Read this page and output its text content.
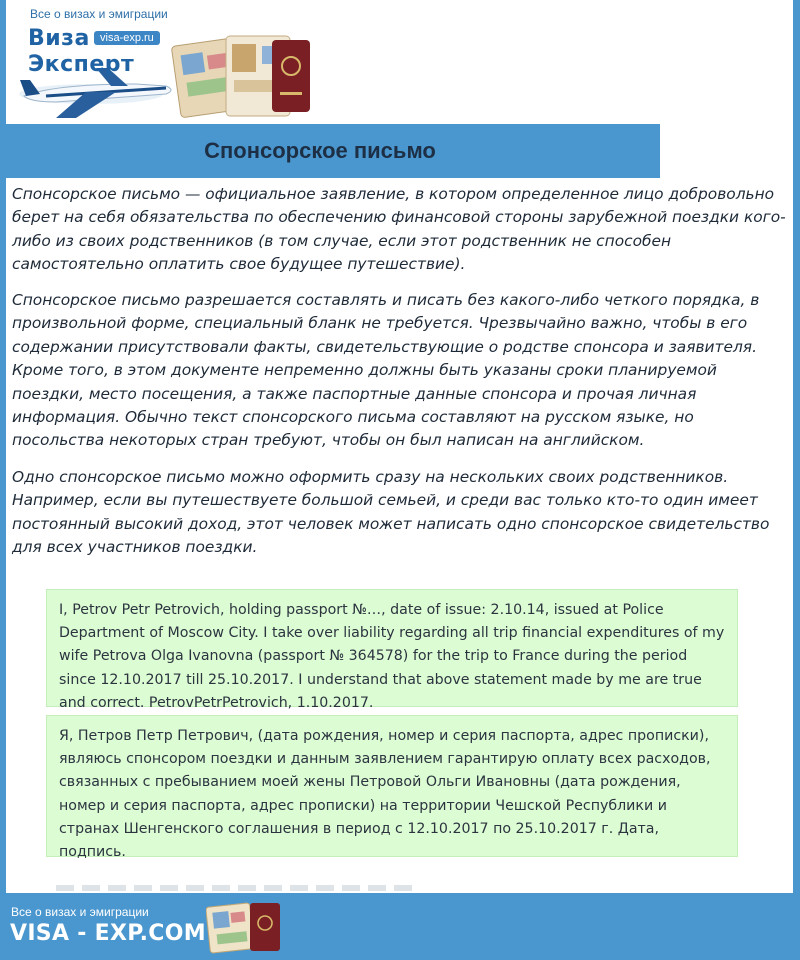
Все о визах и эмиграции
Виза visa-exp.ru
Эксперт
Спонсорское письмо

Спонсорское письмо — официальное заявление, в котором определенное лицо добровольно берет на себя обязательства по обеспечению финансовой стороны зарубежной поездки кого-либо из своих родственников (в том случае, если этот родственник не способен самостоятельно оплатить свое будущее путешествие).

Спонсорское письмо разрешается составлять и писать без какого-либо четкого порядка, в произвольной форме, специальный бланк не требуется. Чрезвычайно важно, чтобы в его содержании присутствовали факты, свидетельствующие о родстве спонсора и заявителя. Кроме того, в этом документе непременно должны быть указаны сроки планируемой поездки, место посещения, а также паспортные данные спонсора и прочая личная информация. Обычно текст спонсорского письма составляют на русском языке, но посольства некоторых стран требуют, чтобы он был написан на английском.

Одно спонсорское письмо можно оформить сразу на нескольких своих родственников. Например, если вы путешествуете большой семьей, и среди вас только кто-то один имеет постоянный высокий доход, этот человек может написать одно спонсорское свидетельство для всех участников поездки.

I, Petrov Petr Petrovich, holding passport №…, date of issue: 2.10.14, issued at Police Department of Moscow City. I take over liability regarding all trip financial expenditures of my wife Petrova Olga Ivanovna (passport № 364578) for the trip to France during the period since 12.10.2017 till 25.10.2017. I understand that above statement made by me are true and correct. PetrovPetrPetrovich, 1.10.2017.
Я, Петров Петр Петрович, (дата рождения, номер и серия паспорта, адрес прописки), являюсь спонсором поездки и данным заявлением гарантирую оплату всех расходов, связанных с пребыванием моей жены Петровой Ольги Ивановны (дата рождения, номер и серия паспорта, адрес прописки) на территории Чешской Республики и странах Шенгенского соглашения в период с 12.10.2017 по 25.10.2017 г. Дата, подпись.
Все о визах и эмиграции
VISA - EXP.COM
